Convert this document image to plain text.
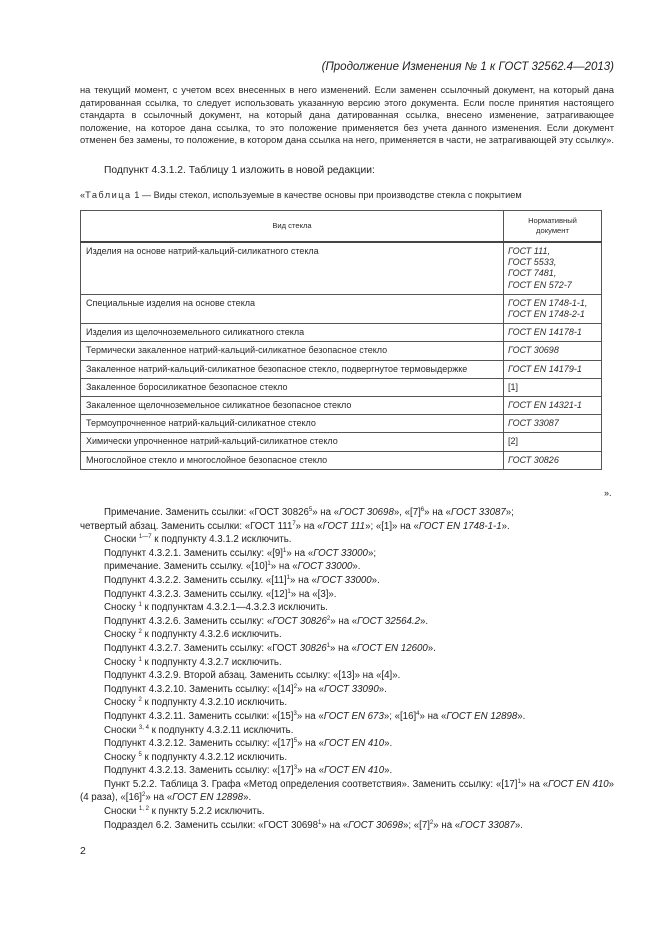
(Продолжение Изменения № 1 к ГОСТ 32562.4—2013)
на текущий момент, с учетом всех внесенных в него изменений. Если заменен ссылочный документ, на который дана датированная ссылка, то следует использовать указанную версию этого документа. Если после принятия настоящего стандарта в ссылочный документ, на который дана датированная ссылка, внесено изменение, затрагивающее положение, на которое дана ссылка, то это положение применяется без учета данного изменения. Если документ отменен без замены, то положение, в котором дана ссылка на него, применяется в части, не затрагивающей эту ссылку».
Подпункт 4.3.1.2. Таблицу 1 изложить в новой редакции:
«Таблица 1 — Виды стекол, используемые в качестве основы при производстве стекла с покрытием
Вид стекла	Нормативный
документ
Изделия на основе натрий-кальций-силикатного стекла	ГОСТ 111,
ГОСТ 5533,
ГОСТ 7481,
ГОСТ EN 572-7
Специальные изделия на основе стекла	ГОСТ EN 1748-1-1,
ГОСТ EN 1748-2-1
Изделия из щелочноземельного силикатного стекла	ГОСТ EN 14178-1
Термически закаленное натрий-кальций-силикатное безопасное стекло	ГОСТ 30698
Закаленное натрий-кальций-силикатное безопасное стекло, подвергнутое термовыдержке	ГОСТ EN 14179-1
Закаленное боросиликатное безопасное стекло	[1]
Закаленное щелочноземельное силикатное безопасное стекло	ГОСТ EN 14321-1
Термоупрочненное натрий-кальций-силикатное стекло	ГОСТ 33087
Химически упрочненное натрий-кальций-силикатное стекло	[2]
Многослойное стекло и многослойное безопасное стекло	ГОСТ 30826
».

Примечание. Заменить ссылки: «ГОСТ 30826$^5$» на «ГОСТ 30698», «$[7]^6$» на «ГОСТ 33087»;

четвертый абзац. Заменить ссылки: «ГОСТ $111^7$» на «ГОСТ 111»; «[1]» на «ГОСТ EN 1748-1-1».

Сноски $^{1—7}$ к подпункту 4.3.1.2 исключить.

Подпункт 4.3.2.1. Заменить ссылку: «$[9]^1$» на «ГОСТ 33000»;

примечание. Заменить ссылку. «$[10]^1$» на «ГОСТ 33000».

Подпункт 4.3.2.2. Заменить ссылку. «$[11]^1$» на «ГОСТ 33000».

Подпункт 4.3.2.3. Заменить ссылку. «$[12]^1$» на «[3]».

Сноску $^1$ к подпунктам 4.3.2.1—4.3.2.3 исключить.

Подпункт 4.3.2.6. Заменить ссылку: «ГОСТ 30826$^2$» на «ГОСТ 32564.2».

Сноску $^2$ к подпункту 4.3.2.6 исключить.

Подпункт 4.3.2.7. Заменить ссылку: «ГОСТ 30826$^1$» на «ГОСТ EN 12600».

Сноску $^1$ к подпункту 4.3.2.7 исключить.

Подпункт 4.3.2.9. Второй абзац. Заменить ссылку: «[13]» на «[4]».

Подпункт 4.3.2.10. Заменить ссылку: «$[14]^2$» на «ГОСТ 33090».

Сноску $^2$ к подпункту 4.3.2.10 исключить.

Подпункт 4.3.2.11. Заменить ссылки: «$[15]^3$» на «ГОСТ EN 673»; «$[16]^4$» на «ГОСТ EN 12898».

Сноски $^{3, 4}$ к подпункту 4.3.2.11 исключить.

Подпункт 4.3.2.12. Заменить ссылку: «$[17]^5$» на «ГОСТ EN 410».

Сноску $^5$ к подпункту 4.3.2.12 исключить.

Подпункт 4.3.2.13. Заменить ссылку: «$[17]^3$» на «ГОСТ EN 410».

Пункт 5.2.2. Таблица 3. Графа «Метод определения соответствия». Заменить ссылку: «$[17]^1$» на «ГОСТ EN 410» (4 раза), «$[16]^2$» на «ГОСТ EN 12898».

Сноски $^{1, 2}$ к пункту 5.2.2 исключить.

Подраздел 6.2. Заменить ссылки: «ГОСТ 30698$^1$» на «ГОСТ 30698»; «$[7]^2$» на «ГОСТ 33087».

2
